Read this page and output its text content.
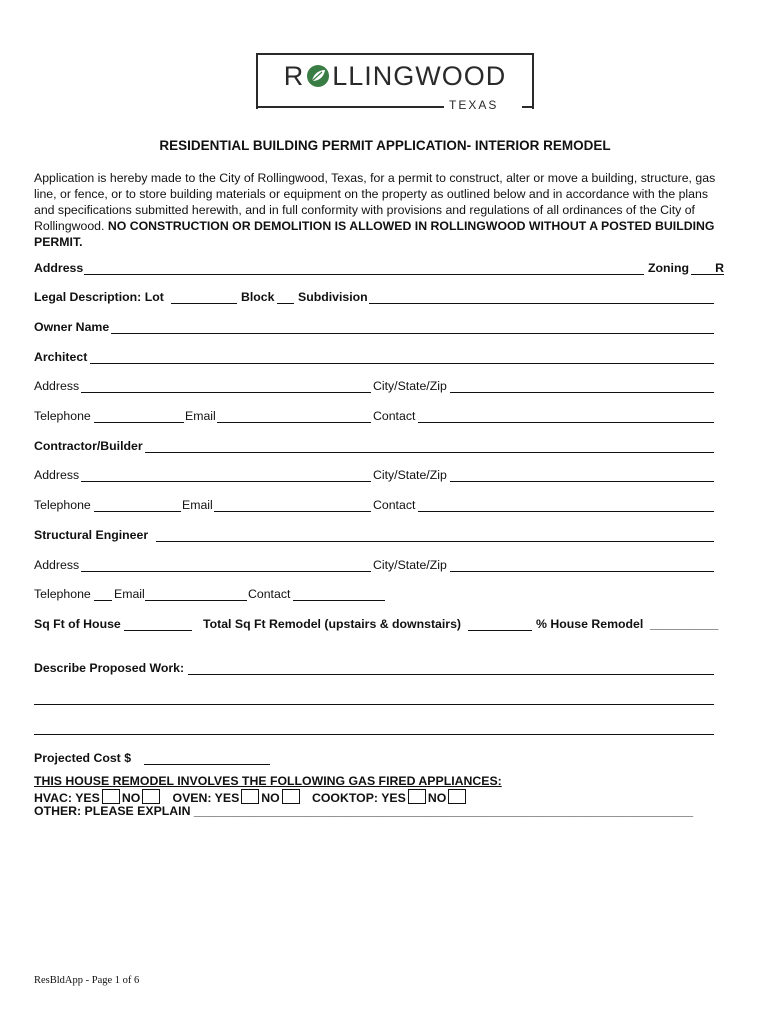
R LLINGWOOD
TEXAS
RESIDENTIAL BUILDING PERMIT APPLICATION- INTERIOR REMODEL
Application is hereby made to the City of Rollingwood, Texas, for a permit to construct, alter or move a building, structure, gas line, or fence, or to store building materials or equipment on the property as outlined below and in accordance with the plans and specifications submitted herewith, and in full conformity with provisions and regulations of all ordinances of the City of Rollingwood. NO CONSTRUCTION OR DEMOLITION IS ALLOWED IN ROLLINGWOOD WITHOUT A POSTED BUILDING PERMIT.
Address	Zoning	R
Legal Description: Lot	Block Subdivision
Owner Name
Architect
Address	City/State/Zip
Telephone	Email	Contact
Contractor/Builder
Address	City/State/Zip
Telephone	Email	Contact
Structural Engineer
Address	City/State/Zip
Telephone Email	Contact
Sq Ft of House	Total Sq Ft Remodel (upstairs & downstairs)	% House Remodel __________
Describe Proposed Work:
Projected Cost $
THIS HOUSE REMODEL INVOLVES THE FOLLOWING GAS FIRED APPLIANCES:
HVAC: YES NO	OVEN: YES NO	COOKTOP: YES NO
OTHER: PLEASE EXPLAIN _________________________________________________________________________
ResBldApp - Page 1 of 6
